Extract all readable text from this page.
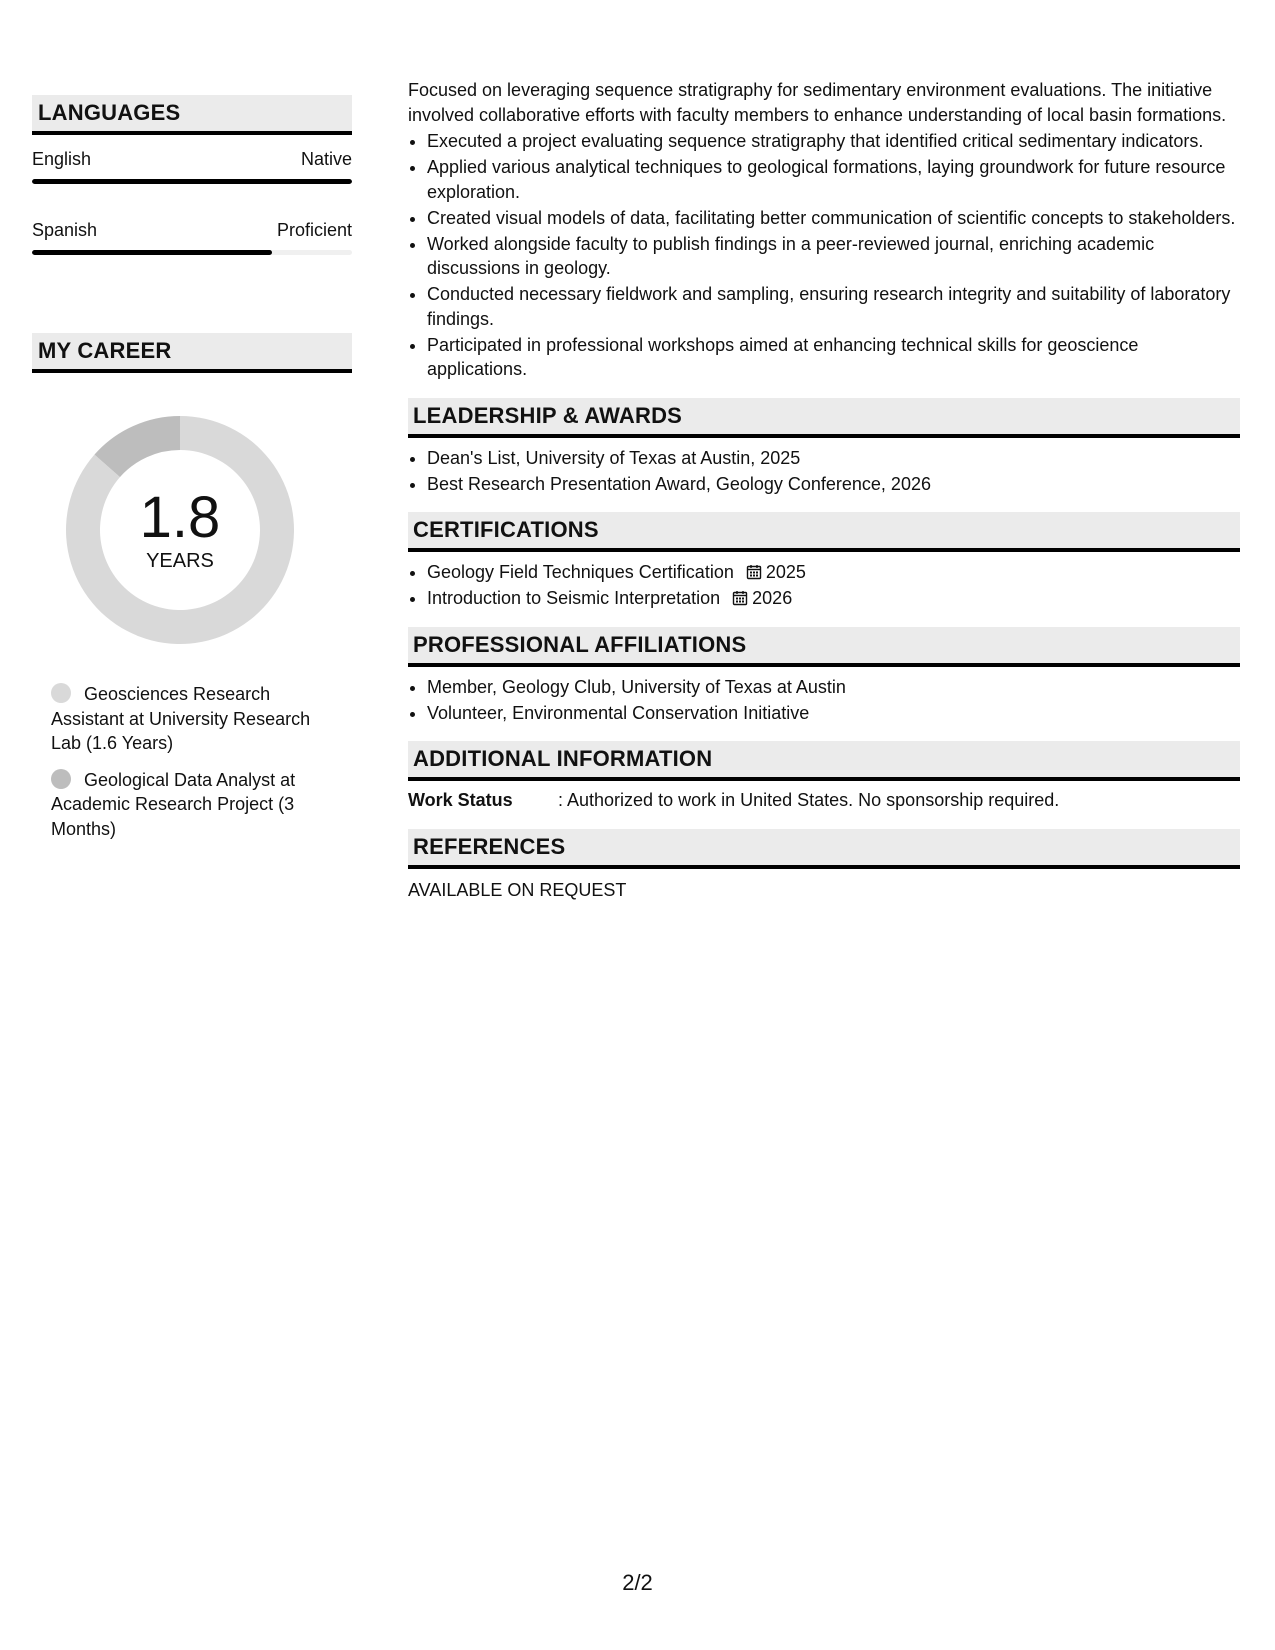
LANGUAGES
English	Native
Spanish	Proficient
MY CAREER
1.8
YEARS
Geosciences Research Assistant at University Research Lab (1.6 Years)
Geological Data Analyst at Academic Research Project (3 Months)

Focused on leveraging sequence stratigraphy for sedimentary environment evaluations. The initiative involved collaborative efforts with faculty members to enhance understanding of local basin formations.

• Executed a project evaluating sequence stratigraphy that identified critical sedimentary indicators.
• Applied various analytical techniques to geological formations, laying groundwork for future resource exploration.
• Created visual models of data, facilitating better communication of scientific concepts to stakeholders.
• Worked alongside faculty to publish findings in a peer-reviewed journal, enriching academic discussions in geology.
• Conducted necessary fieldwork and sampling, ensuring research integrity and suitability of laboratory findings.
• Participated in professional workshops aimed at enhancing technical skills for geoscience applications.
LEADERSHIP & AWARDS
• Dean's List, University of Texas at Austin, 2025
• Best Research Presentation Award, Geology Conference, 2026
CERTIFICATIONS
• Geology Field Techniques Certification 2025
• Introduction to Seismic Interpretation 2026
PROFESSIONAL AFFILIATIONS
• Member, Geology Club, University of Texas at Austin
• Volunteer, Environmental Conservation Initiative
ADDITIONAL INFORMATION
Work Status	: Authorized to work in United States. No sponsorship required.
REFERENCES
AVAILABLE ON REQUEST
2/2
